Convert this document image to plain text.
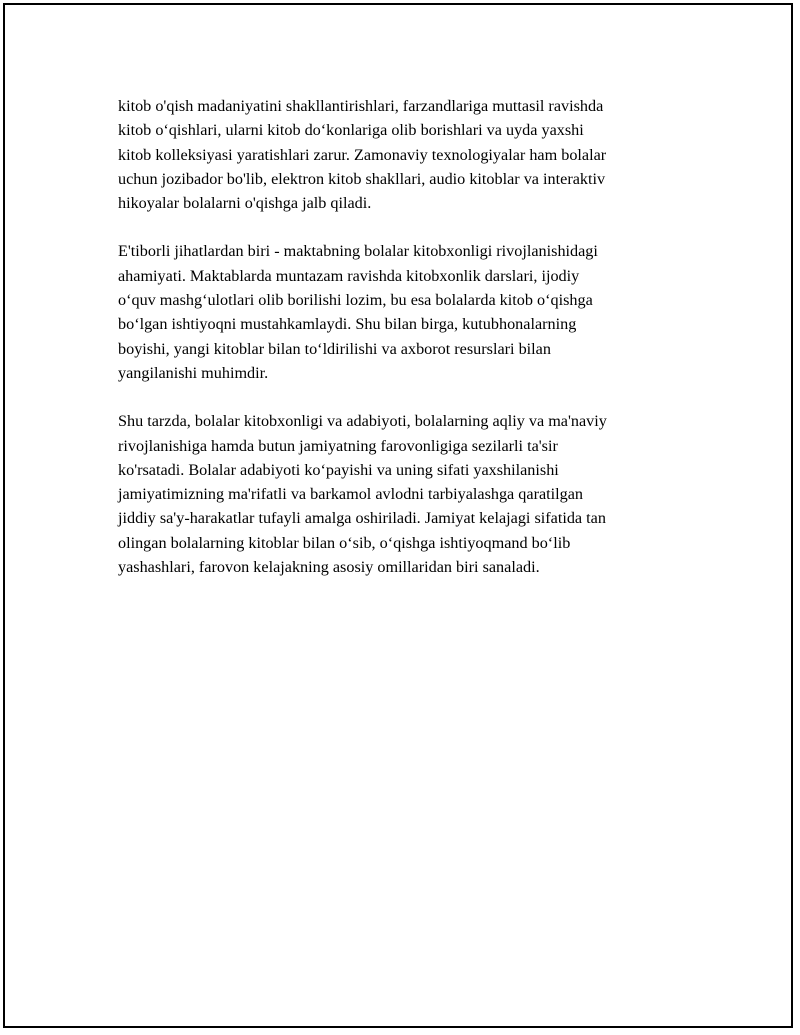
kitob o'qish madaniyatini shakllantirishlari, farzandlariga muttasil ravishda
kitob o‘qishlari, ularni kitob do‘konlariga olib borishlari va uyda yaxshi
kitob kolleksiyasi yaratishlari zarur. Zamonaviy texnologiyalar ham bolalar
uchun jozibador bo'lib, elektron kitob shakllari, audio kitoblar va interaktiv
hikoyalar bolalarni o'qishga jalb qiladi.

E'tiborli jihatlardan biri - maktabning bolalar kitobxonligi rivojlanishidagi
ahamiyati. Maktablarda muntazam ravishda kitobxonlik darslari, ijodiy
o‘quv mashg‘ulotlari olib borilishi lozim, bu esa bolalarda kitob o‘qishga
bo‘lgan ishtiyoqni mustahkamlaydi. Shu bilan birga, kutubhonalarning
boyishi, yangi kitoblar bilan to‘ldirilishi va axborot resurslari bilan
yangilanishi muhimdir.

Shu tarzda, bolalar kitobxonligi va adabiyoti, bolalarning aqliy va ma'naviy
rivojlanishiga hamda butun jamiyatning farovonligiga sezilarli ta'sir
ko'rsatadi. Bolalar adabiyoti ko‘payishi va uning sifati yaxshilanishi
jamiyatimizning ma'rifatli va barkamol avlodni tarbiyalashga qaratilgan
jiddiy sa'y-harakatlar tufayli amalga oshiriladi. Jamiyat kelajagi sifatida tan
olingan bolalarning kitoblar bilan o‘sib, o‘qishga ishtiyoqmand bo‘lib
yashashlari, farovon kelajakning asosiy omillaridan biri sanaladi.
